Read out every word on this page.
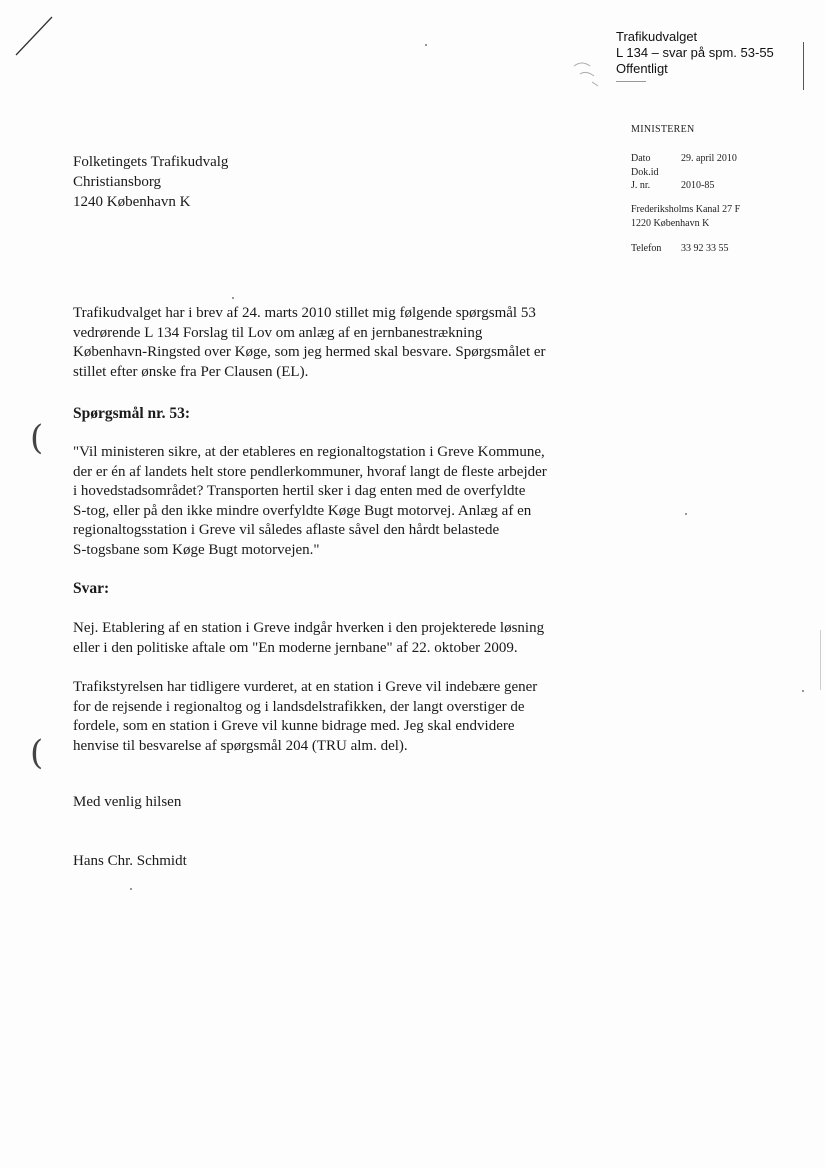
Trafikudvalget
L 134 – svar på spm. 53-55
Offentligt
MINISTEREN
Dato	29. april 2010
Dok.id
J. nr.	2010-85
Frederiksholms Kanal 27 F
1220 København K
Telefon 33 92 33 55
Folketingets Trafikudvalg
Christiansborg
1240 København K
Trafikudvalget har i brev af 24. marts 2010 stillet mig følgende spørgsmål 53
vedrørende L 134 Forslag til Lov om anlæg af en jernbanestrækning
København-Ringsted over Køge, som jeg hermed skal besvare. Spørgsmålet er
stillet efter ønske fra Per Clausen (EL).
Spørgsmål nr. 53:
( "Vil ministeren sikre, at der etableres en regionaltogstation i Greve Kommune,
der er én af landets helt store pendlerkommuner, hvoraf langt de fleste arbejder
i hovedstadsområdet? Transporten hertil sker i dag enten med de overfyldte
S-tog, eller på den ikke mindre overfyldte Køge Bugt motorvej. Anlæg af en
regionaltogsstation i Greve vil således aflaste såvel den hårdt belastede
S-togsbane som Køge Bugt motorvejen."
Svar:
Nej. Etablering af en station i Greve indgår hverken i den projekterede løsning
eller i den politiske aftale om "En moderne jernbane" af 22. oktober 2009.
Trafikstyrelsen har tidligere vurderet, at en station i Greve vil indebære gener
for de rejsende i regionaltog og i landsdelstrafikken, der langt overstiger de
fordele, som en station i Greve vil kunne bidrage med. Jeg skal endvidere
henvise til besvarelse af spørgsmål 204 (TRU alm. del).
(
Med venlig hilsen
Hans Chr. Schmidt
